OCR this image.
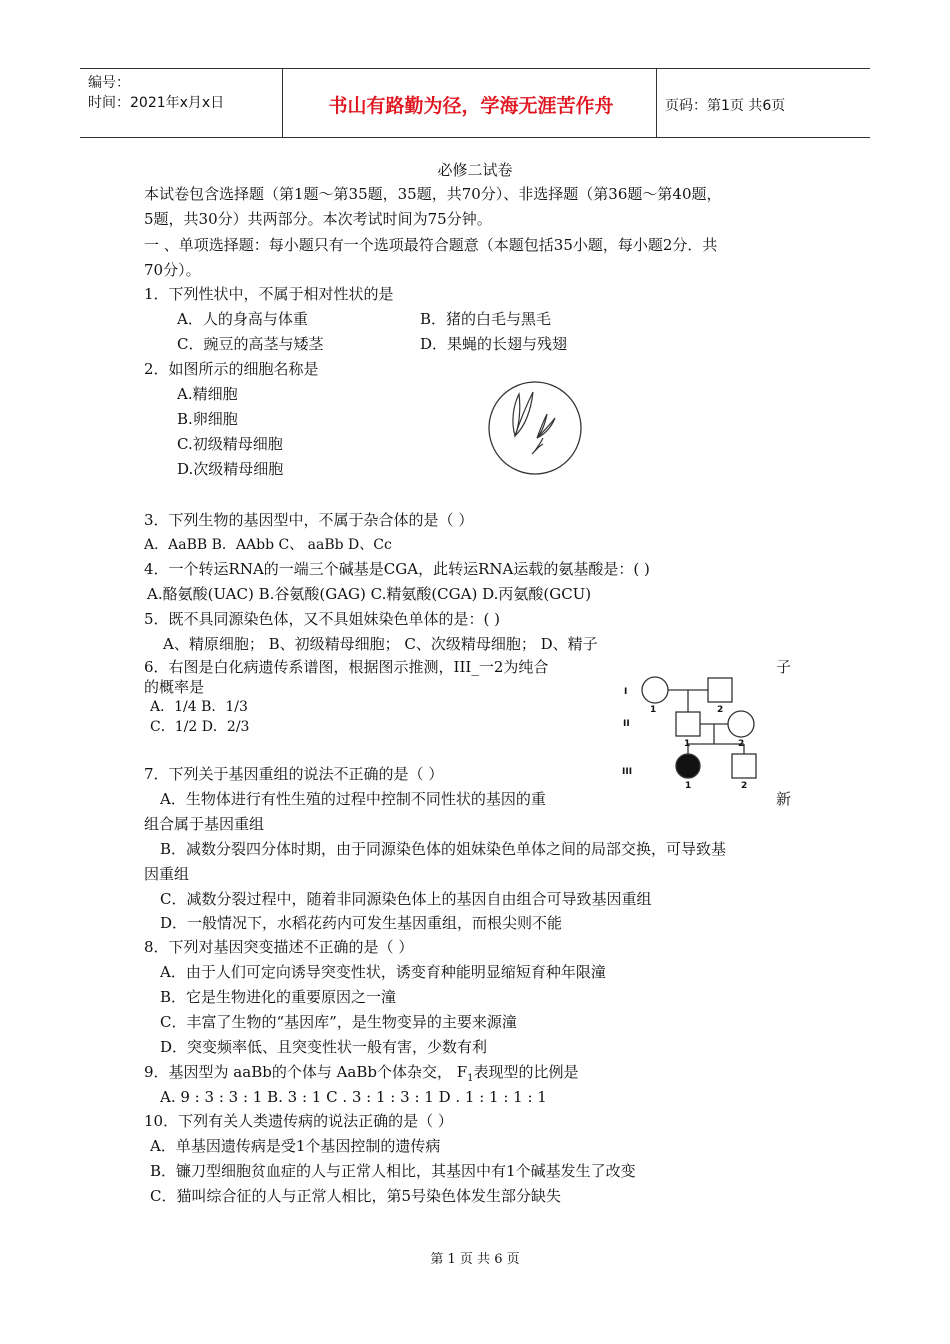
编号：
时间：2021年x月x日	书山有路勤为径，学海无涯苦作舟	页码：第1页 共6页
必修二试卷
本试卷包含选择题（第1题～第35题，35题，共70分）、非选择题（第36题～第40题，
5题，共30分）共两部分。本次考试时间为75分钟。
一 、单项选择题：每小题只有一个选项最符合题意（本题包括35小题，每小题2分．共
70分）。
1．下列性状中，不属于相对性状的是
A．人的身高与体重	B．猪的白毛与黑毛
C．豌豆的高茎与矮茎	D．果蝇的长翅与残翅
2．如图所示的细胞名称是
A.精细胞
B.卵细胞
C.初级精母细胞
D.次级精母细胞
3．下列生物的基因型中，不属于杂合体的是（ ）
A．AaBB B．AAbb C、 aaBb D、Cc
4．一个转运RNA的一端三个碱基是CGA，此转运RNA运载的氨基酸是：( )
A.酪氨酸(UAC) B.谷氨酸(GAG) C.精氨酸(CGA) D.丙氨酸(GCU)
5．既不具同源染色体，又不具姐妹染色单体的是：( )
A、精原细胞； B、初级精母细胞； C、次级精母细胞； D、精子
6．右图是白化病遗传系谱图，根据图示推测，III_一2为纯合	子
的概率是
A．1/4 B．1/3
C．1/2 D．2/3
I
II
III
1	2
1	2
1	2
7．下列关于基因重组的说法不正确的是（ ）
A．生物体进行有性生殖的过程中控制不同性状的基因的重	新
组合属于基因重组
B．减数分裂四分体时期，由于同源染色体的姐妹染色单体之间的局部交换，可导致基
因重组
C．减数分裂过程中，随着非同源染色体上的基因自由组合可导致基因重组
D．一般情况下，水稻花药内可发生基因重组，而根尖则不能
8．下列对基因突变描述不正确的是（ ）
A．由于人们可定向诱导突变性状，诱变育种能明显缩短育种年限潼
B．它是生物进化的重要原因之一潼
C．丰富了生物的“基因库”，是生物变异的主要来源潼
D．突变频率低、且突变性状一般有害，少数有利
9．基因型为 aaBb的个体与 AaBb个体杂交， $F_1$表现型的比例是
A. 9 : 3 : 3 : 1 B. 3 : 1 C . 3 : 1 : 3 : 1 D . 1 : 1 : 1 : 1
10．下列有关人类遗传病的说法正确的是（ ）
A．单基因遗传病是受1个基因控制的遗传病
B．镰刀型细胞贫血症的人与正常人相比，其基因中有1个碱基发生了改变
C．猫叫综合征的人与正常人相比，第5号染色体发生部分缺失
第 1 页 共 6 页
